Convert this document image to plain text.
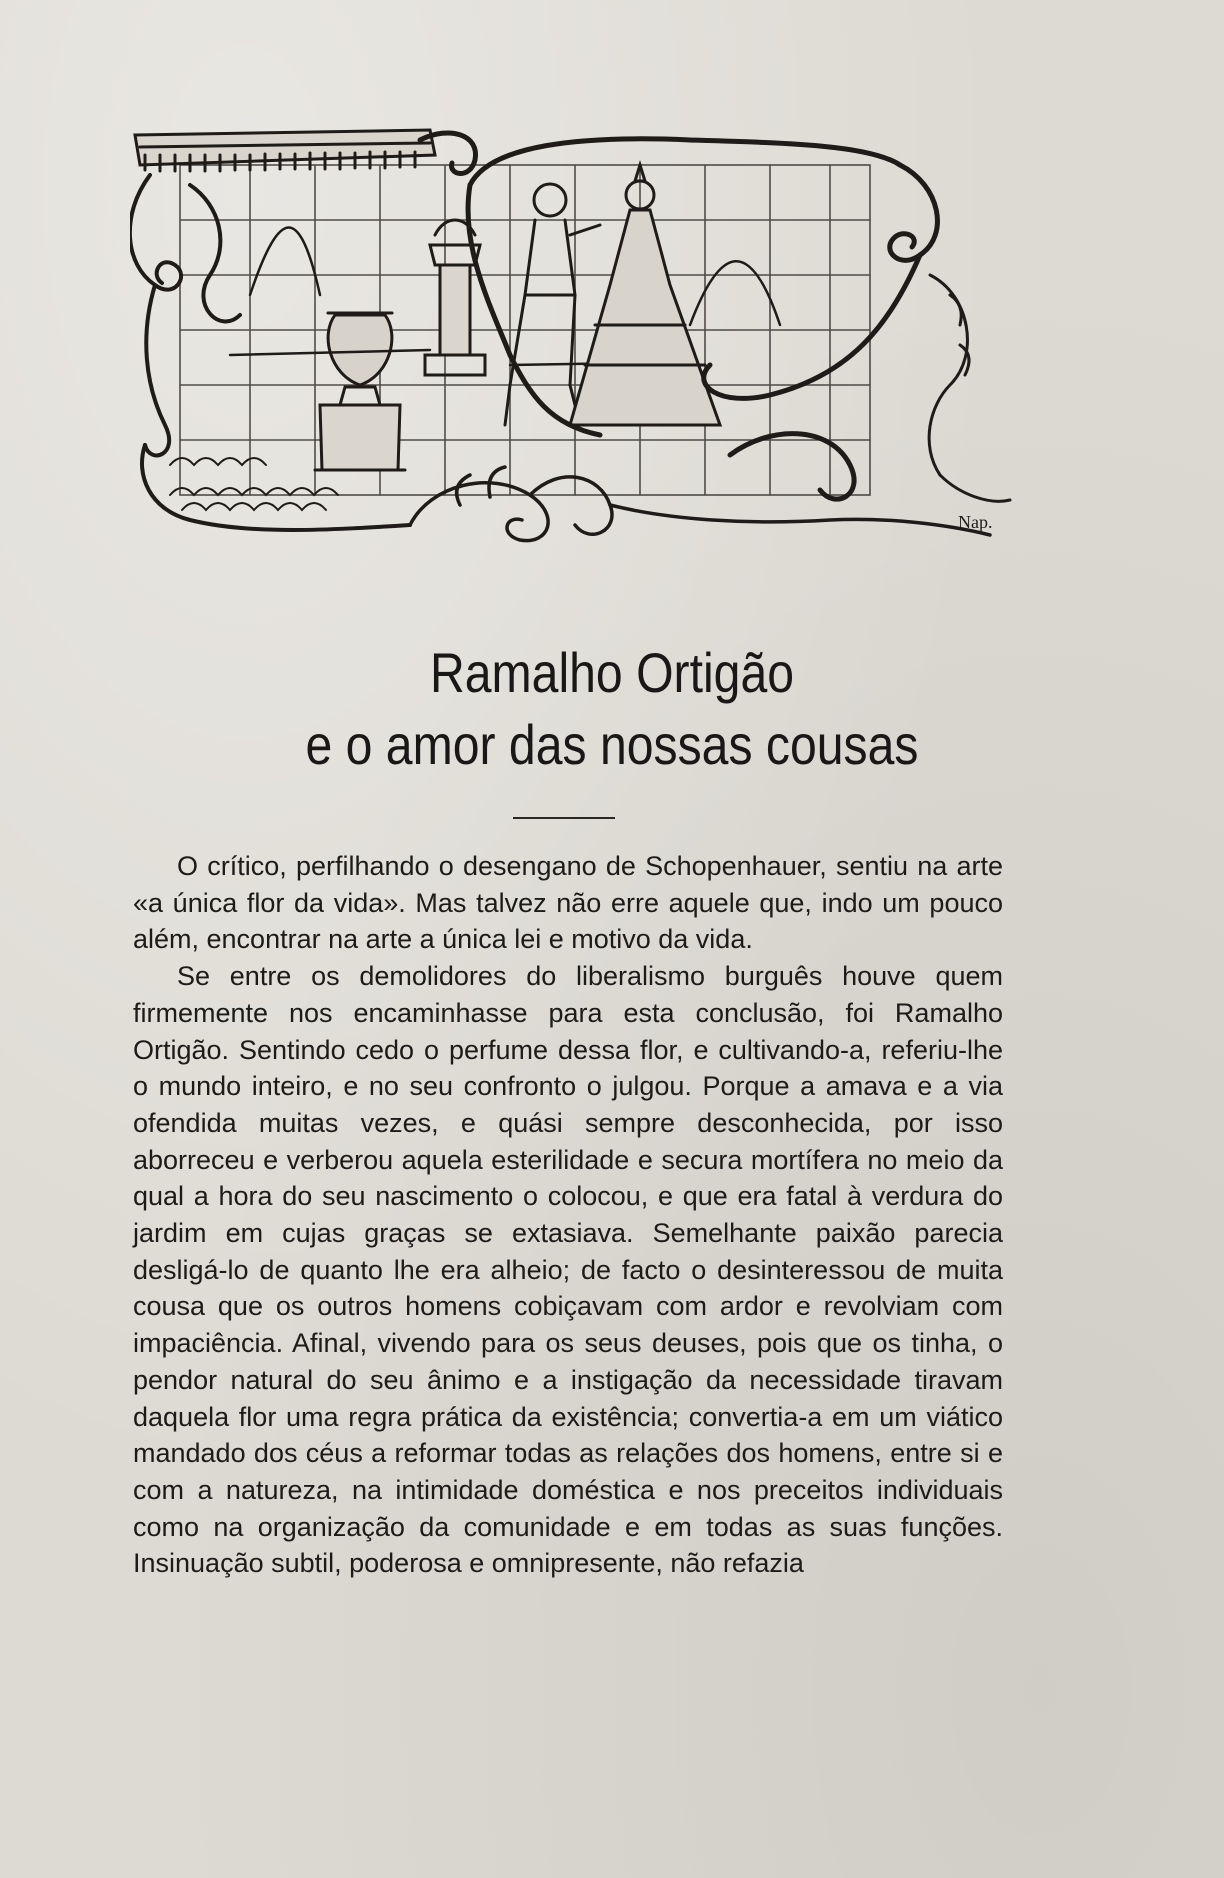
Nap.
Ramalho Ortigão
e o amor das nossas cousas

O crítico, perfilhando o desengano de Schopenhauer, sentiu na arte «a única flor da vida». Mas talvez não erre aquele que, indo um pouco além, encontrar na arte a única lei e motivo da vida.

Se entre os demolidores do liberalismo burguês houve quem firmemente nos encaminhasse para esta conclusão, foi Ramalho Ortigão. Sentindo cedo o perfume dessa flor, e cultivando-a, referiu-lhe o mundo inteiro, e no seu confronto o julgou. Porque a amava e a via ofendida muitas vezes, e quási sempre desconhecida, por isso aborreceu e verberou aquela esterilidade e secura mortífera no meio da qual a hora do seu nascimento o colocou, e que era fatal à verdura do jardim em cujas graças se extasiava. Semelhante paixão parecia desligá-lo de quanto lhe era alheio; de facto o desinteressou de muita cousa que os outros homens cobiçavam com ardor e revolviam com impaciência. Afinal, vivendo para os seus deuses, pois que os tinha, o pendor natural do seu ânimo e a instigação da necessidade tiravam daquela flor uma regra prática da existência; convertia-a em um viático mandado dos céus a reformar todas as relações dos homens, entre si e com a natureza, na intimidade doméstica e nos preceitos individuais como na organização da comunidade e em todas as suas funções. Insinuação subtil, poderosa e omnipresente, não refazia
